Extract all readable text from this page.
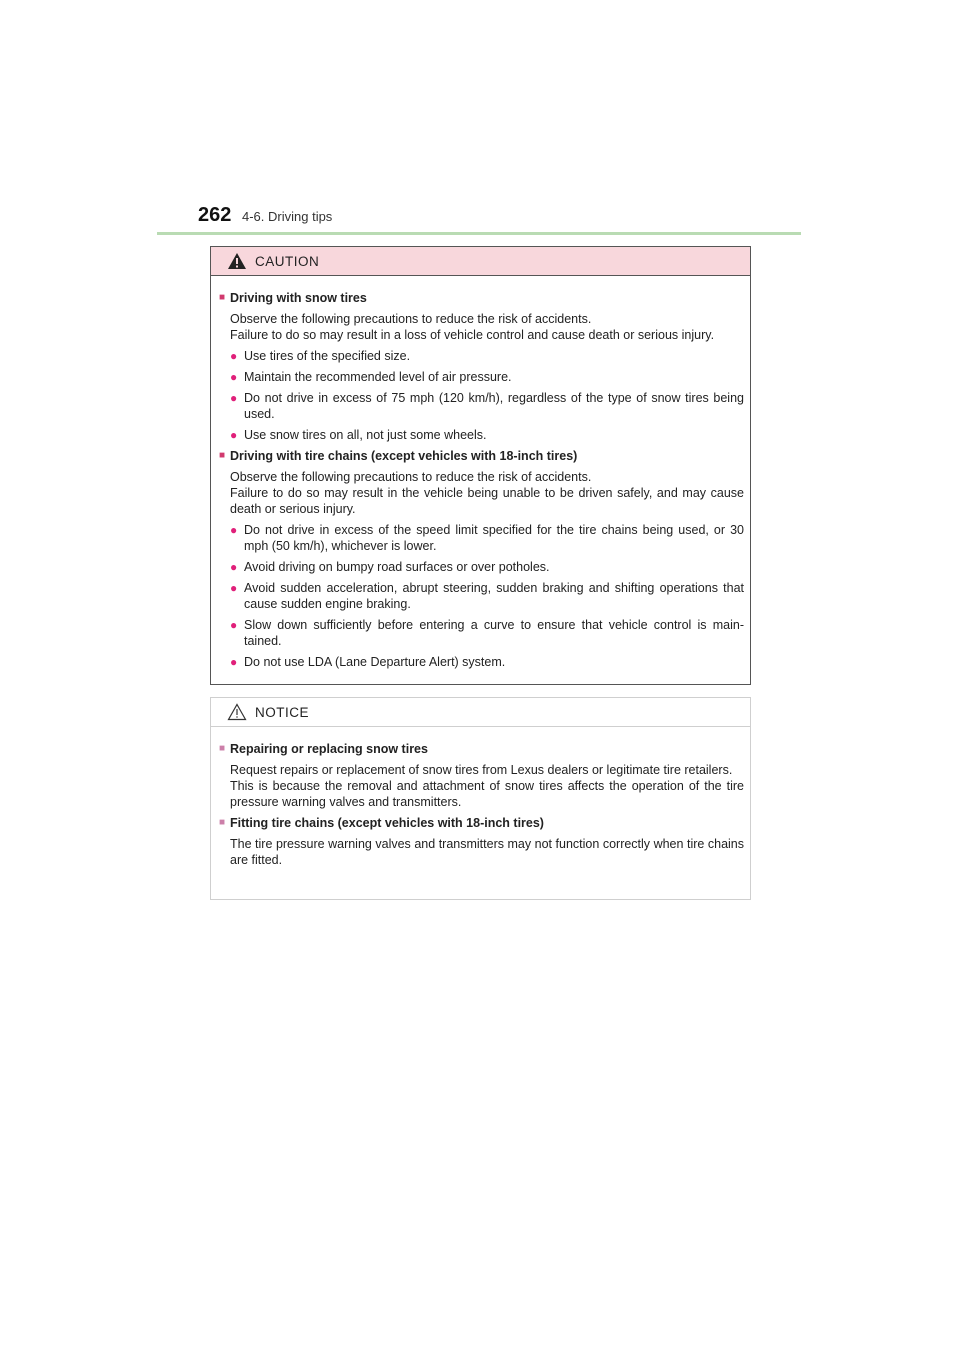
262 4-6. Driving tips
CAUTION
■ Driving with snow tires
Observe the following precautions to reduce the risk of accidents.
Failure to do so may result in a loss of vehicle control and cause death or serious injury.
● Use tires of the specified size.
● Maintain the recommended level of air pressure.
● Do not drive in excess of 75 mph (120 km/h), regardless of the type of snow tires being used.
● Use snow tires on all, not just some wheels.
■ Driving with tire chains (except vehicles with 18-inch tires)
Observe the following precautions to reduce the risk of accidents.
Failure to do so may result in the vehicle being unable to be driven safely, and may cause death or serious injury.
● Do not drive in excess of the speed limit specified for the tire chains being used, or 30 mph (50 km/h), whichever is lower.
● Avoid driving on bumpy road surfaces or over potholes.
● Avoid sudden acceleration, abrupt steering, sudden braking and shifting operations that cause sudden engine braking.
● Slow down sufficiently before entering a curve to ensure that vehicle control is main-tained.
● Do not use LDA (Lane Departure Alert) system.
NOTICE
■ Repairing or replacing snow tires
Request repairs or replacement of snow tires from Lexus dealers or legitimate tire retailers.
This is because the removal and attachment of snow tires affects the operation of the tire pressure warning valves and transmitters.
■ Fitting tire chains (except vehicles with 18-inch tires)
The tire pressure warning valves and transmitters may not function correctly when tire chains are fitted.
